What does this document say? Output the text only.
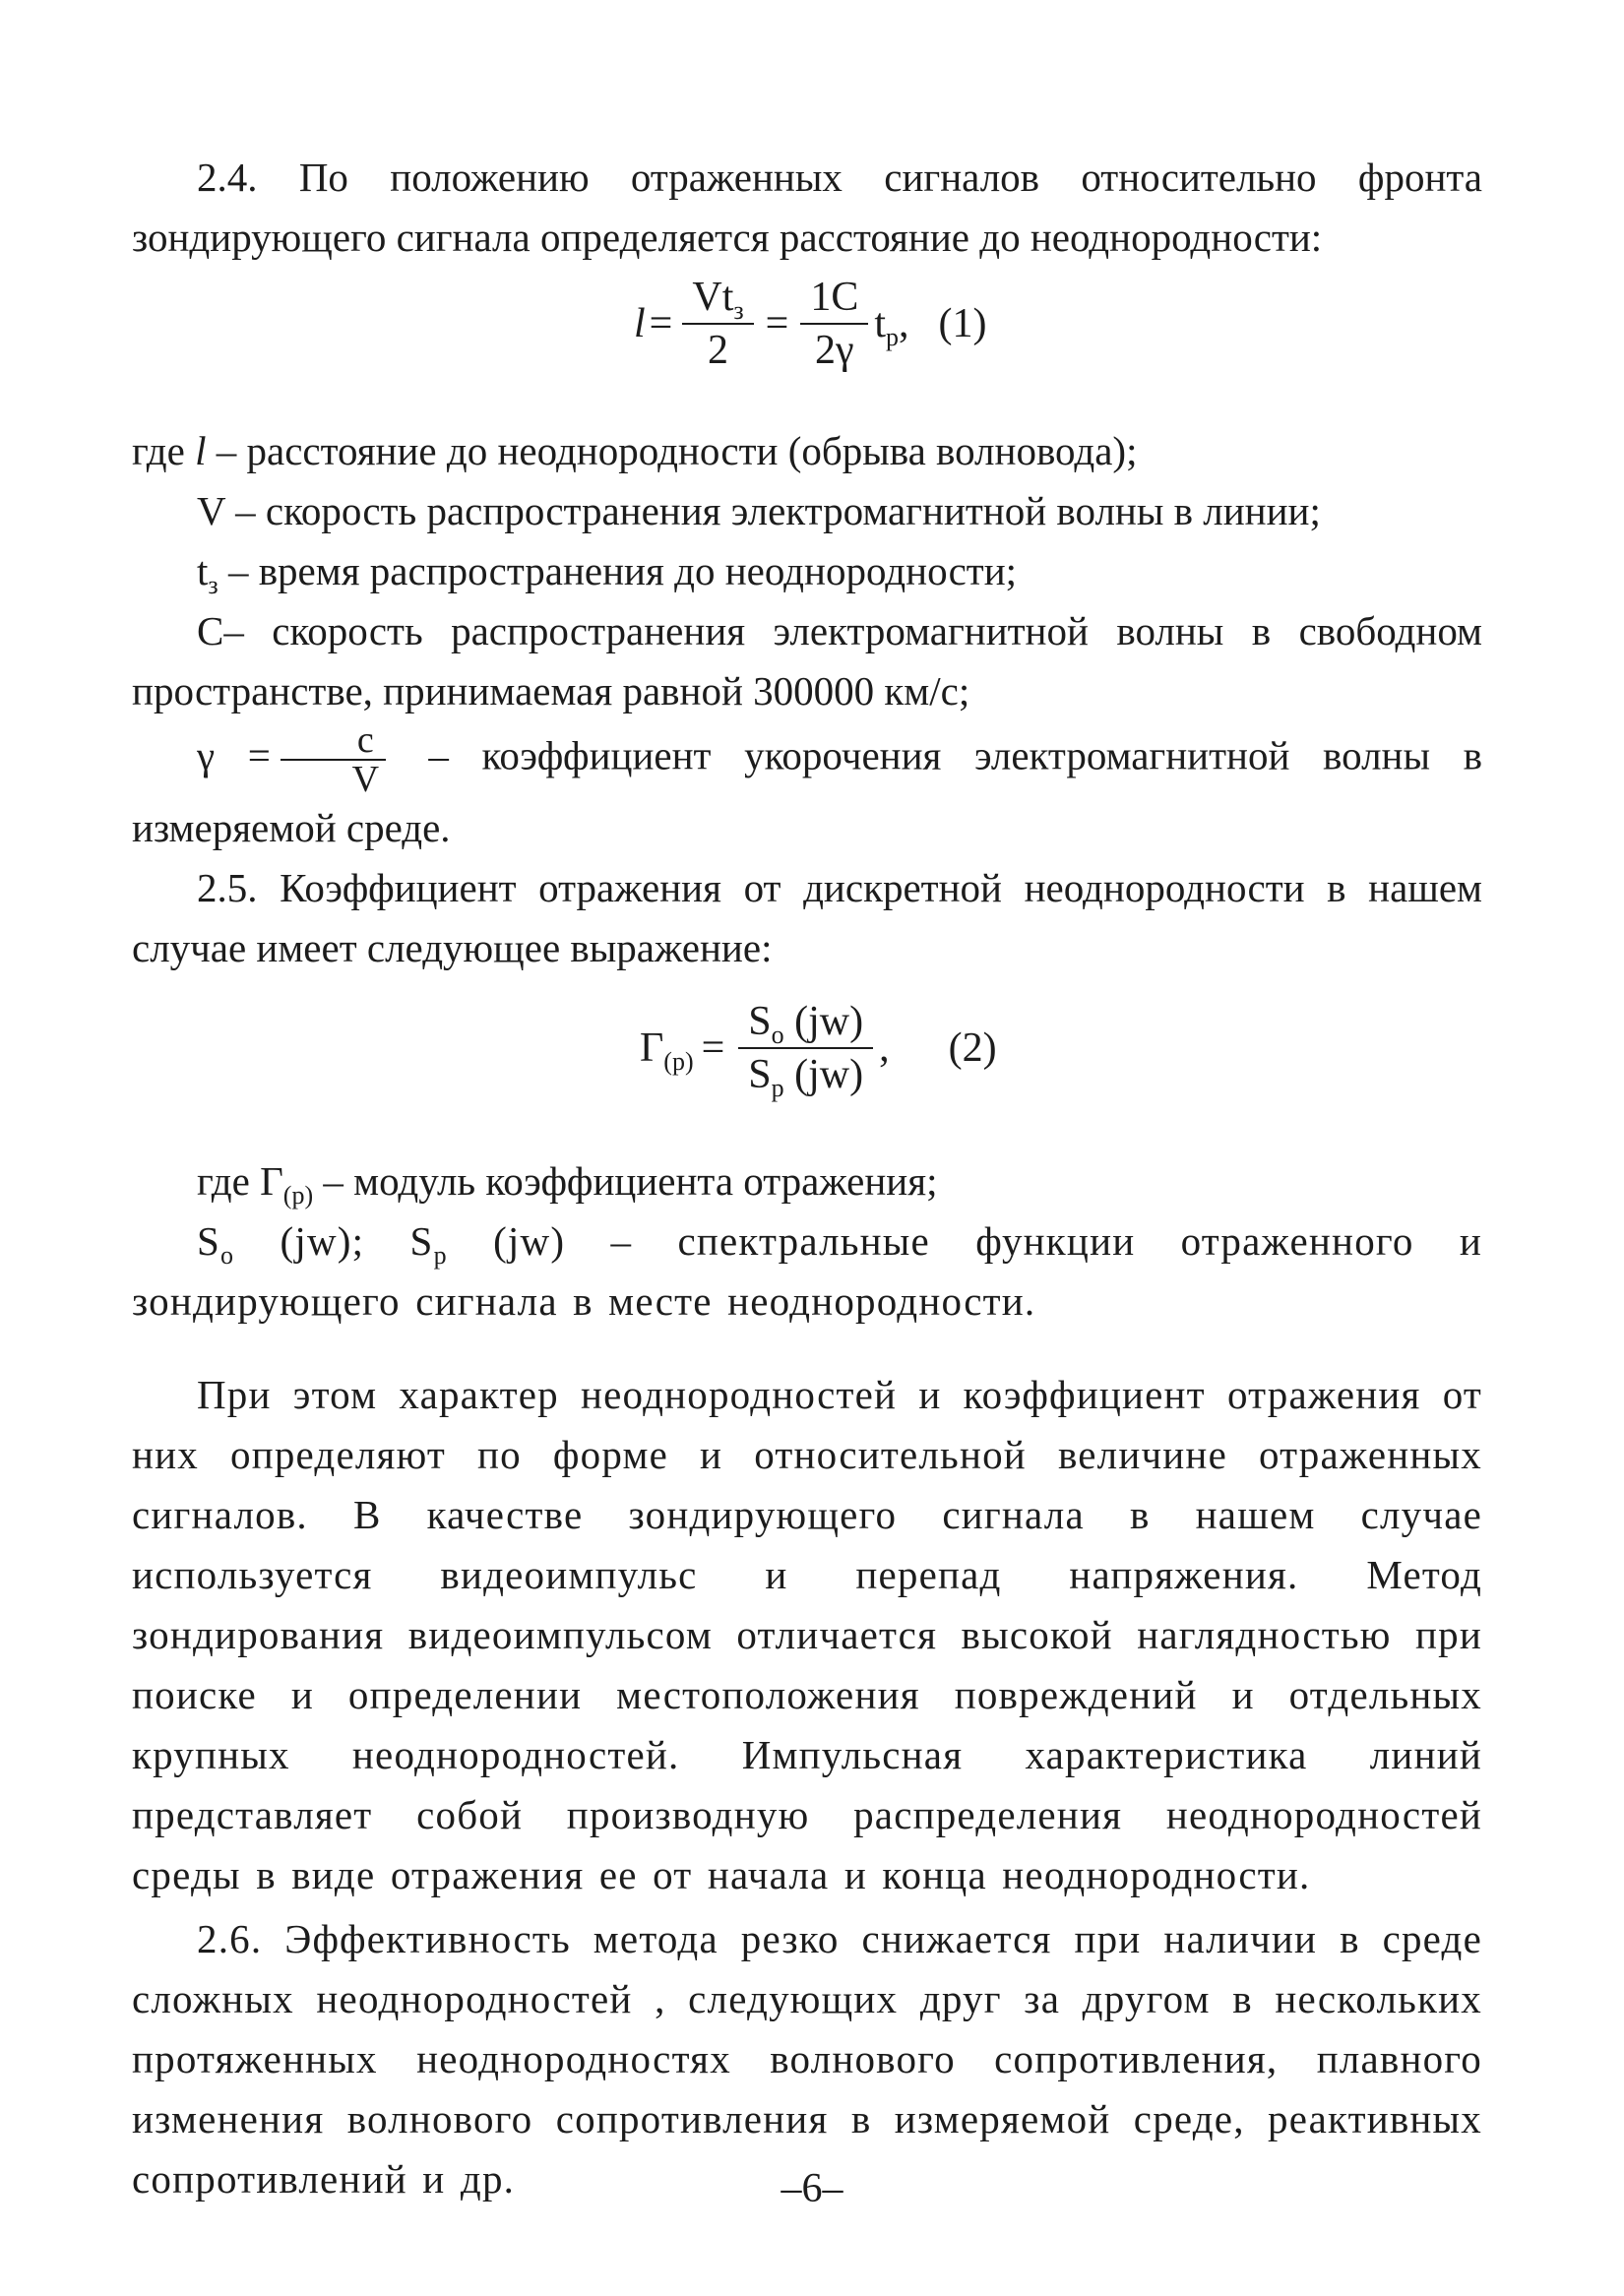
2.4. По положению отраженных сигналов относительно фронта зондирующего сигнала определяется расстояние до неоднородности:

$l = \frac{Vt_з}{2} = \frac{1C}{2\gamma} t_p$, (1)

где l – расстояние до неоднородности (обрыва волновода);

V – скорость распространения электромагнитной волны в линии;

$t_з$ – время распространения до неоднородности;

C– скорость распространения электромагнитной волны в свободном пространстве, принимаемая равной 300000 км/с;

$\gamma = \frac{c}{V}$ – коэффициент укорочения электромагнитной волны в измеряемой среде.

2.5. Коэффициент отражения от дискретной неоднородности в нашем случае имеет следующее выражение:

$Г_{(p)} = \frac{S_o (jw)}{S_p (jw)}$ , (2)

где $Г_{(p)}$ – модуль коэффициента отражения;

$S_o$ (jw); $S_p$ (jw) – спектральные функции отраженного и зондирующего сигнала в месте неоднородности.

При этом характер неоднородностей и коэффициент отражения от них определяют по форме и относительной величине отраженных сигналов. В качестве зондирующего сигнала в нашем случае используется видеоимпульс и перепад напряжения. Метод зондирования видеоимпульсом отличается высокой наглядностью при поиске и определении местоположения повреждений и отдельных крупных неоднородностей. Импульсная характеристика линий представляет собой производную распределения неоднородностей среды в виде отражения ее от начала и конца неоднородности.

2.6. Эффективность метода резко снижается при наличии в среде сложных неоднородностей , следующих друг за другом в нескольких протяженных неоднородностях волнового сопротивления, плавного изменения волнового сопротивления в измеряемой среде, реактивных сопротивлений и др.	–6–
